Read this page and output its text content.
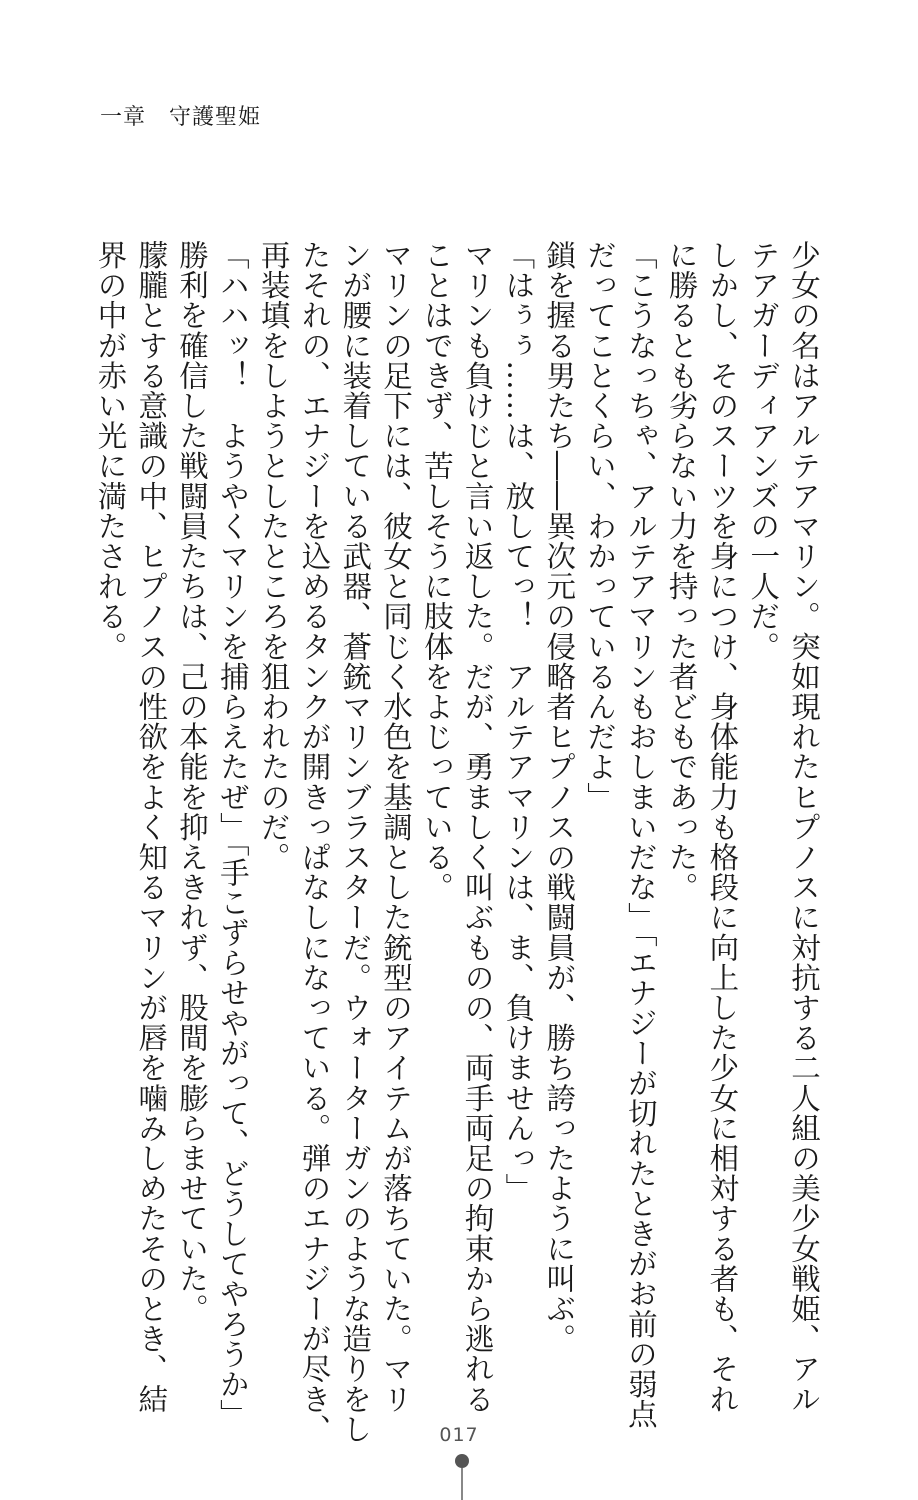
一章　守護聖姫
少女の名はアルテアマリン。突如現れたヒプノスに対抗する二人組の美少女戦姫、アル
テアガーディアンズの一人だ。
しかし、そのスーツを身につけ、身体能力も格段に向上した少女に相対する者も、それ
に勝るとも劣らない力を持った者どもであった。
「こうなっちゃ、アルテアマリンもおしまいだな」「エナジーが切れたときがお前の弱点
だってことくらい、わかっているんだよ」
鎖を握る男たち――異次元の侵略者ヒプノスの戦闘員が、勝ち誇ったように叫ぶ。
「はぅぅ……は、放してっ！　アルテアマリンは、ま、負けませんっ」
マリンも負けじと言い返した。だが、勇ましく叫ぶものの、両手両足の拘束から逃れる
ことはできず、苦しそうに肢体をよじっている。
マリンの足下には、彼女と同じく水色を基調とした銃型のアイテムが落ちていた。マリ
ンが腰に装着している武器、蒼銃マリンブラスターだ。ウォーターガンのような造りをし
たそれの、エナジーを込めるタンクが開きっぱなしになっている。弾のエナジーが尽き、
再装填をしようとしたところを狙われたのだ。
「ハハッ！　ようやくマリンを捕らえたぜ」「手こずらせやがって、どうしてやろうか」
勝利を確信した戦闘員たちは、己の本能を抑えきれず、股間を膨らませていた。
朦朧とする意識の中、ヒプノスの性欲をよく知るマリンが唇を噛みしめたそのとき、結
界の中が赤い光に満たされる。
017
